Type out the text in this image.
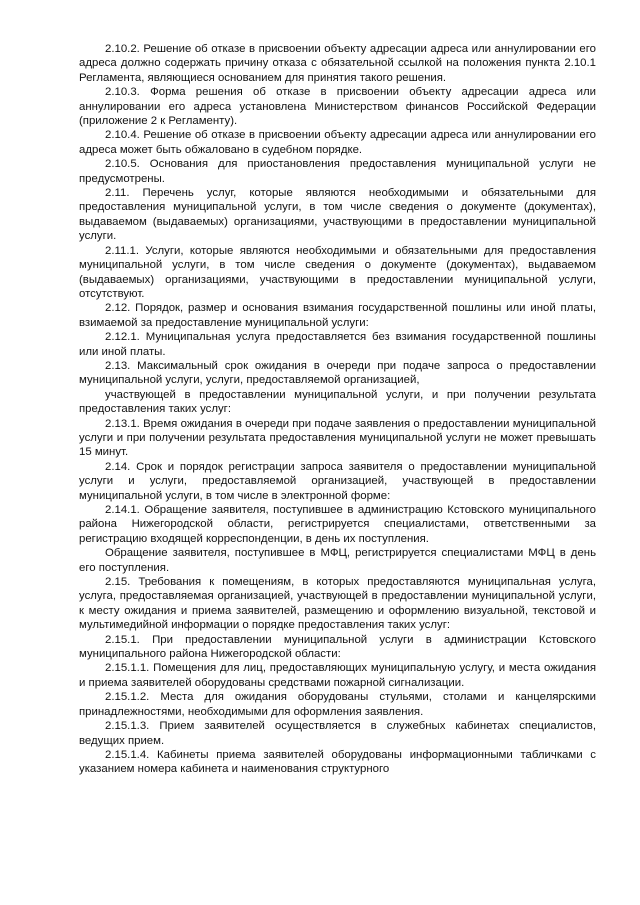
2.10.2. Решение об отказе в присвоении объекту адресации адреса или аннулировании его адреса должно содержать причину отказа с обязательной ссылкой на положения пункта 2.10.1 Регламента, являющиеся основанием для принятия такого решения.

2.10.3. Форма решения об отказе в присвоении объекту адресации адреса или аннулировании его адреса установлена Министерством финансов Российской Федерации (приложение 2 к Регламенту).

2.10.4. Решение об отказе в присвоении объекту адресации адреса или аннулировании его адреса может быть обжаловано в судебном порядке.

2.10.5. Основания для приостановления предоставления муниципальной услуги не предусмотрены.

2.11. Перечень услуг, которые являются необходимыми и обязательными для предоставления муниципальной услуги, в том числе сведения о документе (документах), выдаваемом (выдаваемых) организациями, участвующими в предоставлении муниципальной услуги.

2.11.1. Услуги, которые являются необходимыми и обязательными для предоставления муниципальной услуги, в том числе сведения о документе (документах), выдаваемом (выдаваемых) организациями, участвующими в предоставлении муниципальной услуги, отсутствуют.

2.12. Порядок, размер и основания взимания государственной пошлины или иной платы, взимаемой за предоставление муниципальной услуги:

2.12.1. Муниципальная услуга предоставляется без взимания государственной пошлины или иной платы.

2.13. Максимальный срок ожидания в очереди при подаче запроса о предоставлении муниципальной услуги, услуги, предоставляемой организацией,

участвующей в предоставлении муниципальной услуги, и при получении результата предоставления таких услуг:

2.13.1. Время ожидания в очереди при подаче заявления о предоставлении муниципальной услуги и при получении результата предоставления муниципальной услуги не может превышать 15 минут.

2.14. Срок и порядок регистрации запроса заявителя о предоставлении муниципальной услуги и услуги, предоставляемой организацией, участвующей в предоставлении муниципальной услуги, в том числе в электронной форме:

2.14.1. Обращение заявителя, поступившее в администрацию Кстовского муниципального района Нижегородской области, регистрируется специалистами, ответственными за регистрацию входящей корреспонденции, в день их поступления.

Обращение заявителя, поступившее в МФЦ, регистрируется специалистами МФЦ в день его поступления.

2.15. Требования к помещениям, в которых предоставляются муниципальная услуга, услуга, предоставляемая организацией, участвующей в предоставлении муниципальной услуги, к месту ожидания и приема заявителей, размещению и оформлению визуальной, текстовой и мультимедийной информации о порядке предоставления таких услуг:

2.15.1. При предоставлении муниципальной услуги в администрации Кстовского муниципального района Нижегородской области:

2.15.1.1. Помещения для лиц, предоставляющих муниципальную услугу, и места ожидания и приема заявителей оборудованы средствами пожарной сигнализации.

2.15.1.2. Места для ожидания оборудованы стульями, столами и канцелярскими принадлежностями, необходимыми для оформления заявления.

2.15.1.3. Прием заявителей осуществляется в служебных кабинетах специалистов, ведущих прием.

2.15.1.4. Кабинеты приема заявителей оборудованы информационными табличками с указанием номера кабинета и наименования структурного
